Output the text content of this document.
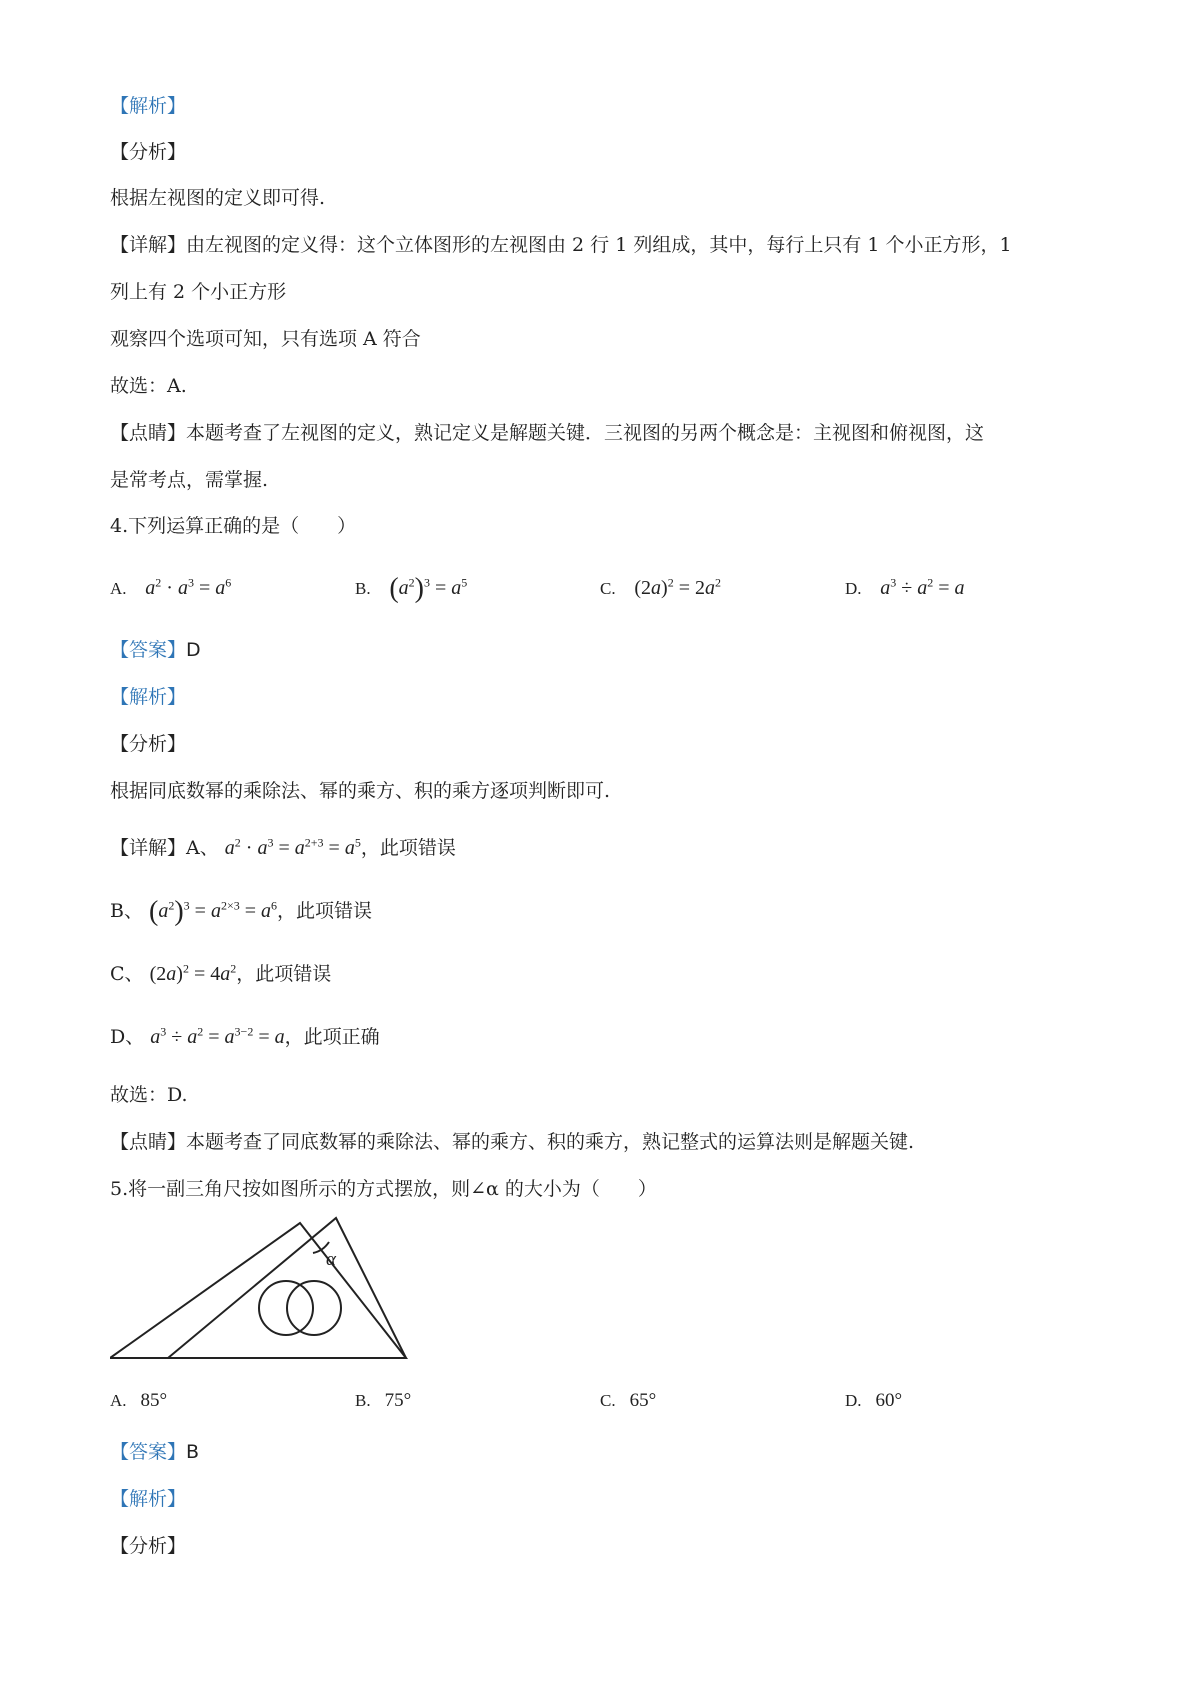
【解析】
【分析】
根据左视图的定义即可得.
【详解】由左视图的定义得：这个立体图形的左视图由 2 行 1 列组成，其中，每行上只有 1 个小正方形，1
列上有 2 个小正方形
观察四个选项可知，只有选项 A 符合
故选：A.
【点睛】本题考查了左视图的定义，熟记定义是解题关键．三视图的另两个概念是：主视图和俯视图，这
是常考点，需掌握.
4.下列运算正确的是（　　）
A. $a^2 \cdot a^3 = a^6$	B. $(a^2)^3 = a^5$	C. $(2a)^2 = 2a^2$	D. $a^3 \div a^2 = a$
【答案】D
【解析】
【分析】
根据同底数幂的乘除法、幂的乘方、积的乘方逐项判断即可.
【详解】A、 $a^2 \cdot a^3 = a^{2+3} = a^5$，此项错误
B、 $(a^2)^3 = a^{2\times 3} = a^6$，此项错误
C、 $(2a)^2 = 4a^2$，此项错误
D、 $a^3 \div a^2 = a^{3-2} = a$，此项正确
故选：D.
【点睛】本题考查了同底数幂的乘除法、幂的乘方、积的乘方，熟记整式的运算法则是解题关键.
5.将一副三角尺按如图所示的方式摆放，则∠α 的大小为（　　）
α
A. 85°	B. 75°	C. 65°	D. 60°
【答案】B
【解析】
【分析】
